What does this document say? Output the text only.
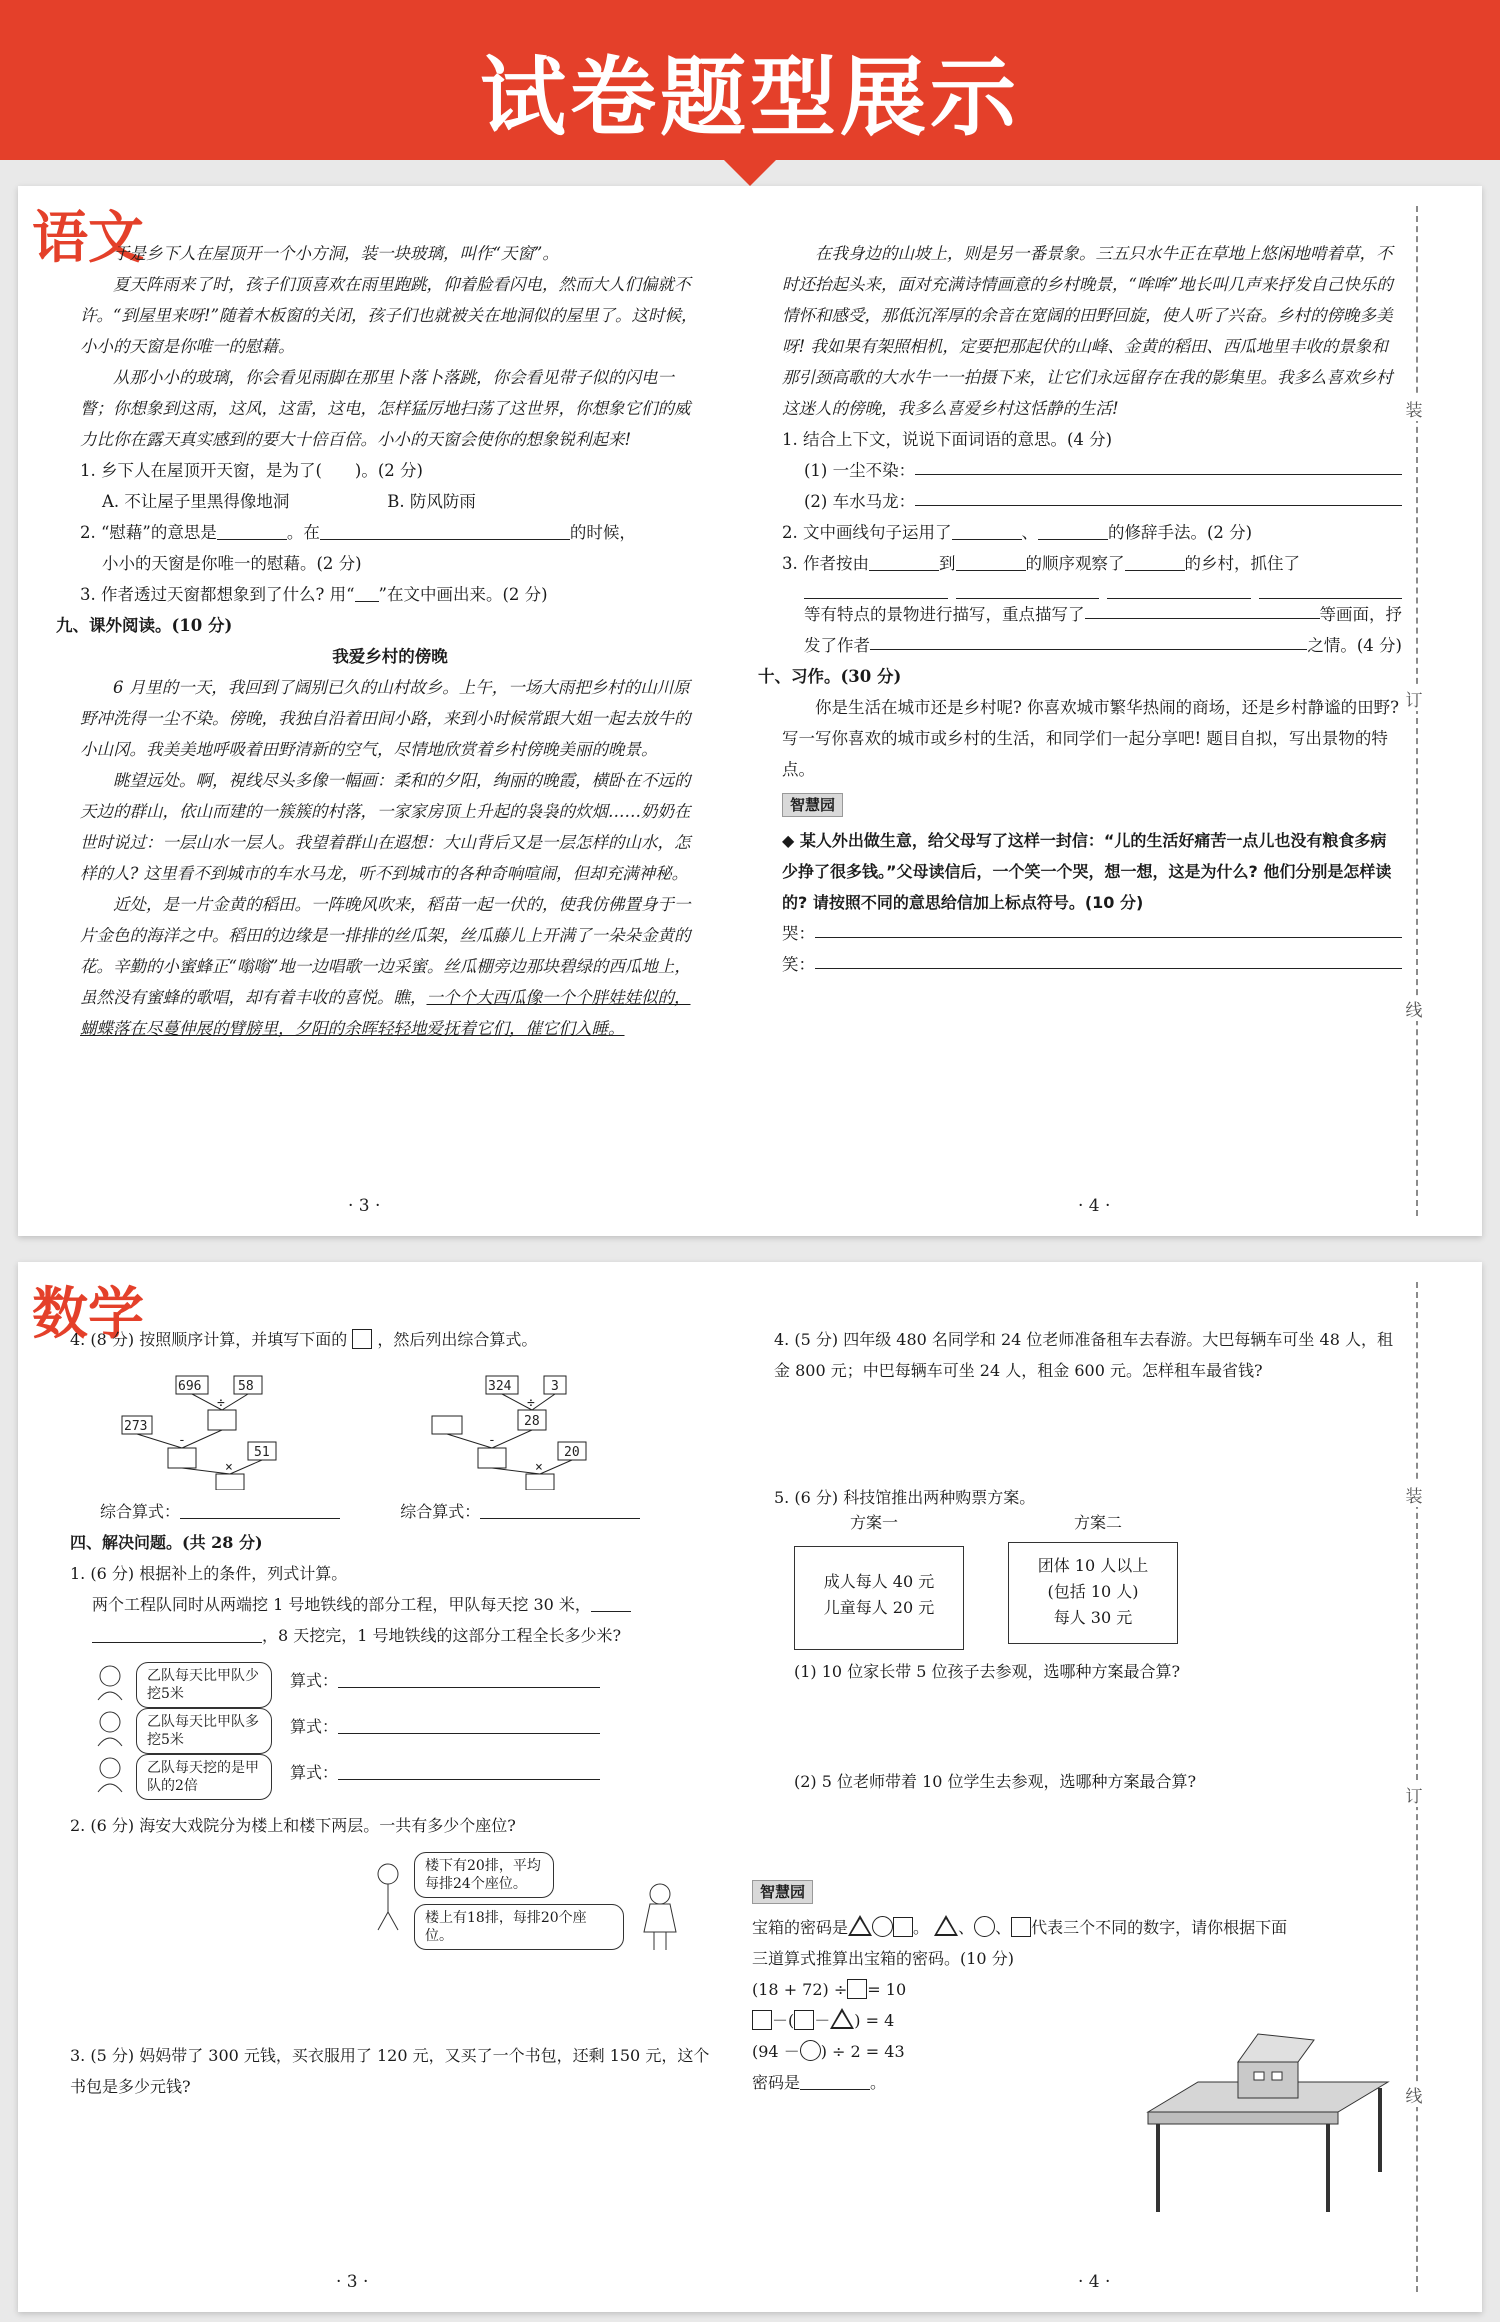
试卷题型展示
语文

于是乡下人在屋顶开一个小方洞，装一块玻璃，叫作“天窗”。

夏天阵雨来了时，孩子们顶喜欢在雨里跑跳，仰着脸看闪电，然而大人们偏就不许。“到屋里来呀!”随着木板窗的关闭，孩子们也就被关在地洞似的屋里了。这时候，小小的天窗是你唯一的慰藉。

从那小小的玻璃，你会看见雨脚在那里卜落卜落跳，你会看见带子似的闪电一瞥；你想象到这雨，这风，这雷，这电，怎样猛厉地扫荡了这世界，你想象它们的威力比你在露天真实感到的要大十倍百倍。小小的天窗会使你的想象锐利起来!

1. 乡下人在屋顶开天窗，是为了(　　)。(2 分)

A. 不让屋子里黑得像地洞	B. 防风防雨

2. “慰藉”的意思是	。在	的时候，

小小的天窗是你唯一的慰藉。(2 分)

3. 作者透过天窗都想象到了什么? 用“ ”在文中画出来。(2 分)

九、课外阅读。(10 分)

我爱乡村的傍晚

6 月里的一天，我回到了阔别已久的山村故乡。上午，一场大雨把乡村的山川原野冲洗得一尘不染。傍晚，我独自沿着田间小路，来到小时候常跟大姐一起去放牛的小山冈。我美美地呼吸着田野清新的空气，尽情地欣赏着乡村傍晚美丽的晚景。

眺望远处。啊，視线尽头多像一幅画：柔和的夕阳，绚丽的晚霞，横卧在不远的天边的群山，依山而建的一簇簇的村落，一家家房顶上升起的袅袅的炊烟……奶奶在世时说过：一层山水一层人。我望着群山在遐想：大山背后又是一层怎样的山水，怎样的人? 这里看不到城市的车水马龙，听不到城市的各种奇响喧闹，但却充满神秘。

近处，是一片金黄的稻田。一阵晚风吹来，稻苗一起一伏的，使我仿佛置身于一片金色的海洋之中。稻田的边缘是一排排的丝瓜架，丝瓜藤儿上开满了一朵朵金黄的花。辛勤的小蜜蜂正“嗡嗡”地一边唱歌一边采蜜。丝瓜棚旁边那块碧绿的西瓜地上，虽然没有蜜蜂的歌唱，却有着丰收的喜悦。瞧，一个个大西瓜像一个个胖娃娃似的，蝴蝶落在尽蔓伸展的臂膀里，夕阳的余晖轻轻地爱抚着它们，催它们入睡。

· 3 ·

在我身边的山坡上，则是另一番景象。三五只水牛正在草地上悠闲地啃着草，不时还抬起头来，面对充满诗情画意的乡村晚景，“哞哞”地长叫几声来抒发自己快乐的情怀和感受，那低沉浑厚的余音在宽阔的田野回旋，使人听了兴奋。乡村的傍晚多美呀! 我如果有架照相机，定要把那起伏的山峰、金黄的稻田、西瓜地里丰收的景象和那引颈高歌的大水牛一一拍摄下来，让它们永远留存在我的影集里。我多么喜欢乡村这迷人的傍晚，我多么喜爱乡村这恬静的生活!

1. 结合上下文，说说下面词语的意思。(4 分)

(1) 一尘不染：

(2) 车水马龙：

2. 文中画线句子运用了	、	的修辞手法。(2 分)

3. 作者按由	到	的顺序观察了	的乡村，抓住了

等有特点的景物进行描写，重点描写了	等画面，抒

发了作者	之情。(4 分)

十、习作。(30 分)

你是生活在城市还是乡村呢? 你喜欢城市繁华热闹的商场，还是乡村静谧的田野? 写一写你喜欢的城市或乡村的生活，和同学们一起分享吧! 题目自拟，写出景物的特点。

智慧园

◆ 某人外出做生意，给父母写了这样一封信：“儿的生活好痛苦一点儿也没有粮食多病少挣了很多钱。”父母读信后，一个笑一个哭，想一想，这是为什么? 他们分别是怎样读的? 请按照不同的意思给信加上标点符号。(10 分)

哭：

笑：

· 4 ·
装
订
线
数学

4. (8 分) 按照顺序计算，并填写下面的 ，然后列出综合算式。

696	58
÷
273
-
51
×
324	3
÷
28
-
20
×

综合算式：	综合算式：

四、解决问题。(共 28 分)

1. (6 分) 根据补上的条件，列式计算。

两个工程队同时从两端挖 1 号地铁线的部分工程，甲队每天挖 30 米，

，8 天挖完，1 号地铁线的这部分工程全长多少米?

乙队每天比甲队少挖5米
算式：
乙队每天比甲队多挖5米
算式：
乙队每天挖的是甲队的2倍
算式：

2. (6 分) 海安大戏院分为楼上和楼下两层。一共有多少个座位?

楼下有20排，平均每排24个座位。
楼上有18排，每排20个座位。

3. (5 分) 妈妈带了 300 元钱，买衣服用了 120 元，又买了一个书包，还剩 150 元，这个书包是多少元钱?

· 3 ·

4. (5 分) 四年级 480 名同学和 24 位老师准备租车去春游。大巴每辆车可坐 48 人，租金 800 元；中巴每辆车可坐 24 人，租金 600 元。怎样租车最省钱?

5. (6 分) 科技馆推出两种购票方案。

方案一	方案二
成人每人 40 元
儿童每人 20 元
团体 10 人以上
(包括 10 人)
每人 30 元
(1) 10 位家长带 5 位孩子去参观，选哪种方案最合算?
(2) 5 位老师带着 10 位学生去参观，选哪种方案最合算?
智慧园

宝箱的密码是	。 、 、 代表三个不同的数字，请你根据下面

三道算式推算出宝箱的密码。(10 分)

(18 + 72) ÷ = 10

－( － ) = 4

(94 － ) ÷ 2 = 43

密码是	。

· 4 ·
装
订
线
